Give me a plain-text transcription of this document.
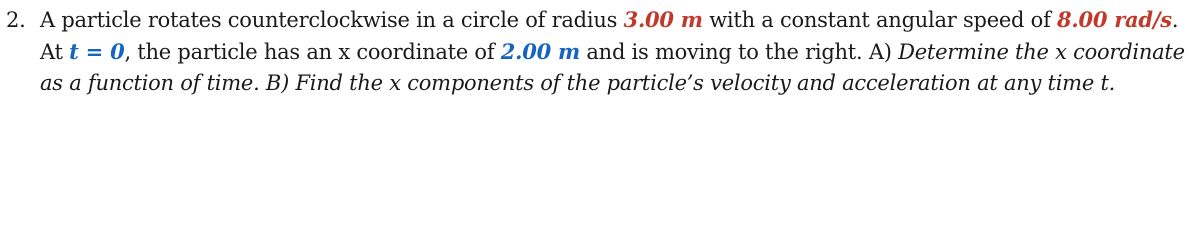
2. A particle rotates counterclockwise in a circle of radius 3.00 m with a constant angular speed of 8.00 rad/s.
At t = 0, the particle has an x coordinate of 2.00 m and is moving to the right. A) Determine the x coordinate
as a function of time. B) Find the x components of the particle’s velocity and acceleration at any time t.
